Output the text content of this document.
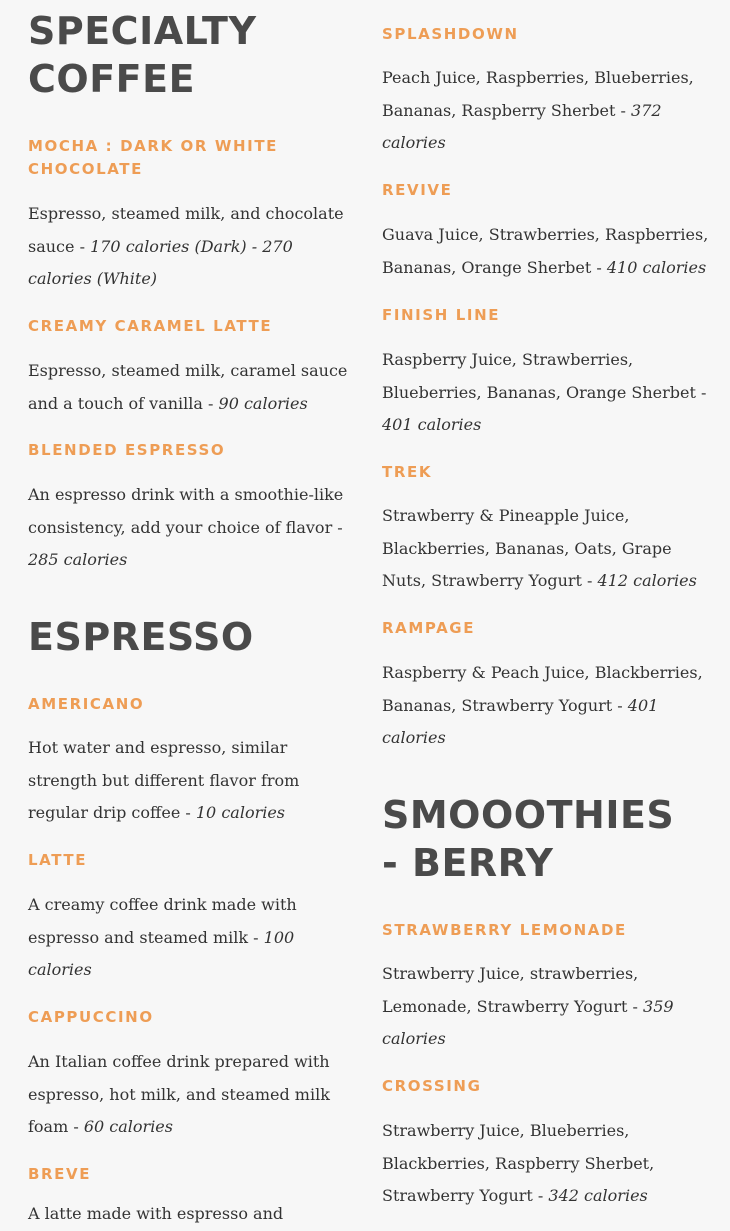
SPECIALTY COFFEE

MOCHA : DARK OR WHITE CHOCOLATE

Espresso, steamed milk, and chocolate sauce - 170 calories (Dark) - 270 calories (White)

CREAMY CARAMEL LATTE

Espresso, steamed milk, caramel sauce and a touch of vanilla - 90 calories

BLENDED ESPRESSO

An espresso drink with a smoothie-like consistency, add your choice of flavor - 285 calories

ESPRESSO

AMERICANO

Hot water and espresso, similar strength but different flavor from regular drip coffee - 10 calories

LATTE

A creamy coffee drink made with espresso and steamed milk - 100 calories

CAPPUCCINO

An Italian coffee drink prepared with espresso, hot milk, and steamed milk foam - 60 calories

BREVE

A latte made with espresso and

SPLASHDOWN

Peach Juice, Raspberries, Blueberries, Bananas, Raspberry Sherbet - 372 calories

REVIVE

Guava Juice, Strawberries, Raspberries, Bananas, Orange Sherbet - 410 calories

FINISH LINE

Raspberry Juice, Strawberries, Blueberries, Bananas, Orange Sherbet - 401 calories

TREK

Strawberry & Pineapple Juice, Blackberries, Bananas, Oats, Grape Nuts, Strawberry Yogurt - 412 calories

RAMPAGE

Raspberry & Peach Juice, Blackberries, Bananas, Strawberry Yogurt - 401 calories

SMOOOTHIES - BERRY

STRAWBERRY LEMONADE

Strawberry Juice, strawberries, Lemonade, Strawberry Yogurt - 359 calories

CROSSING

Strawberry Juice, Blueberries, Blackberries, Raspberry Sherbet, Strawberry Yogurt - 342 calories
